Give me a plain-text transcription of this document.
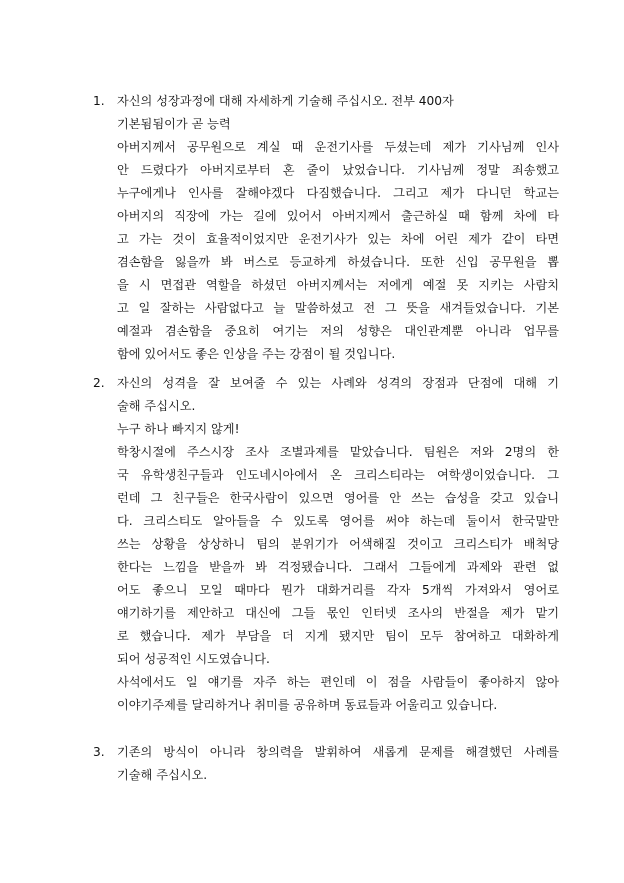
1.	자신의 성장과정에 대해 자세하게 기술해 주십시오. 전부 400자
기본됨됨이가 곧 능력
아버지께서 공무원으로 계실 때 운전기사를 두셨는데 제가 기사님께 인사
안 드렸다가 아버지로부터 혼 줄이 났었습니다. 기사님께 정말 죄송했고
누구에게나 인사를 잘해야겠다 다짐했습니다. 그리고 제가 다니던 학교는
아버지의 직장에 가는 길에 있어서 아버지께서 출근하실 때 함께 차에 타
고 가는 것이 효율적이었지만 운전기사가 있는 차에 어린 제가 같이 타면
겸손함을 잃을까 봐 버스로 등교하게 하셨습니다. 또한 신입 공무원을 뽑
을 시 면접관 역할을 하셨던 아버지께서는 저에게 예절 못 지키는 사람치
고 일 잘하는 사람없다고 늘 말씀하셨고 전 그 뜻을 새겨들었습니다. 기본
예절과 겸손함을 중요히 여기는 저의 성향은 대인관계뿐 아니라 업무를
함에 있어서도 좋은 인상을 주는 강점이 될 것입니다.
2.	자신의 성격을 잘 보여줄 수 있는 사례와 성격의 장점과 단점에 대해 기
술해 주십시오.
누구 하나 빠지지 않게!
학창시절에 주스시장 조사 조별과제를 맡았습니다. 팀원은 저와 2명의 한
국 유학생친구들과 인도네시아에서 온 크리스티라는 여학생이었습니다. 그
런데 그 친구들은 한국사람이 있으면 영어를 안 쓰는 습성을 갖고 있습니
다. 크리스티도 알아들을 수 있도록 영어를 써야 하는데 둘이서 한국말만
쓰는 상황을 상상하니 팀의 분위기가 어색해질 것이고 크리스티가 배척당
한다는 느낌을 받을까 봐 걱정됐습니다. 그래서 그들에게 과제와 관련 없
어도 좋으니 모일 때마다 뭔가 대화거리를 각자 5개씩 가져와서 영어로
얘기하기를 제안하고 대신에 그들 몫인 인터넷 조사의 반절을 제가 맡기
로 했습니다. 제가 부담을 더 지게 됐지만 팀이 모두 참여하고 대화하게
되어 성공적인 시도였습니다.
사석에서도 일 얘기를 자주 하는 편인데 이 점을 사람들이 좋아하지 않아
이야기주제를 달리하거나 취미를 공유하며 동료들과 어울리고 있습니다.
3.	기존의 방식이 아니라 창의력을 발휘하여 새롭게 문제를 해결했던 사례를
기술해 주십시오.
